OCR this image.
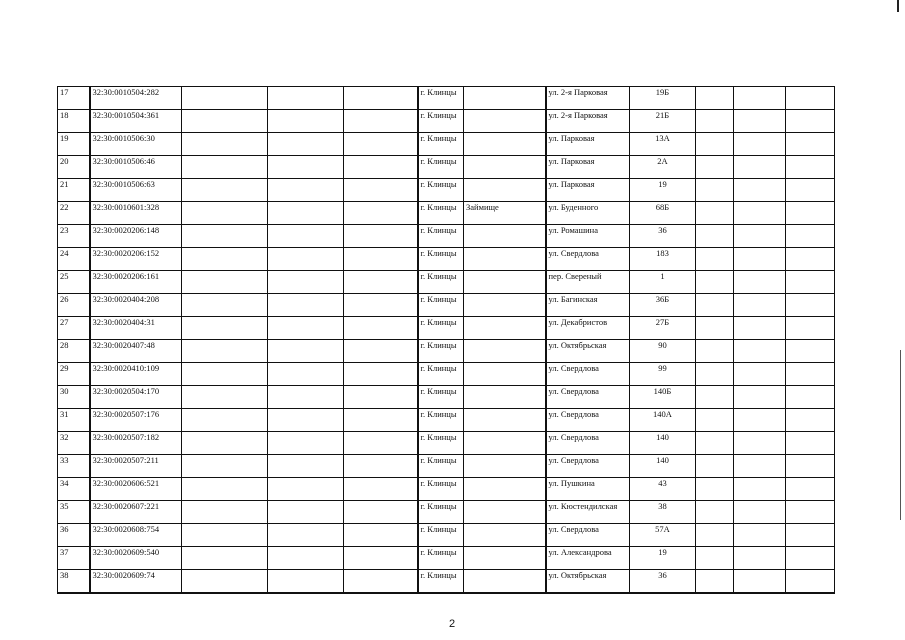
17	32:30:0010504:282				г. Клинцы		ул. 2-я Парковая	19Б			
18	32:30:0010504:361				г. Клинцы		ул. 2-я Парковая	21Б			
19	32:30:0010506:30				г. Клинцы		ул. Парковая	13А			
20	32:30:0010506:46				г. Клинцы		ул. Парковая	2А			
21	32:30:0010506:63				г. Клинцы		ул. Парковая	19			
22	32:30:0010601:328				г. Клинцы	Займище	ул. Буденного	68Б			
23	32:30:0020206:148				г. Клинцы		ул. Ромашина	36			
24	32:30:0020206:152				г. Клинцы		ул. Свердлова	183			
25	32:30:0020206:161				г. Клинцы		пер. Свереный	1			
26	32:30:0020404:208				г. Клинцы		ул. Багинская	36Б			
27	32:30:0020404:31				г. Клинцы		ул. Декабристов	27Б			
28	32:30:0020407:48				г. Клинцы		ул. Октябрьская	90			
29	32:30:0020410:109				г. Клинцы		ул. Свердлова	99			
30	32:30:0020504:170				г. Клинцы		ул. Свердлова	140Б			
31	32:30:0020507:176				г. Клинцы		ул. Свердлова	140А			
32	32:30:0020507:182				г. Клинцы		ул. Свердлова	140			
33	32:30:0020507:211				г. Клинцы		ул. Свердлова	140			
34	32:30:0020606:521				г. Клинцы		ул. Пушкина	43			
35	32:30:0020607:221				г. Клинцы		ул. Кюстендилская	38			
36	32:30:0020608:754				г. Клинцы		ул. Свердлова	57А			
37	32:30:0020609:540				г. Клинцы		ул. Александрова	19			
38	32:30:0020609:74				г. Клинцы		ул. Октябрьская	36			
2
